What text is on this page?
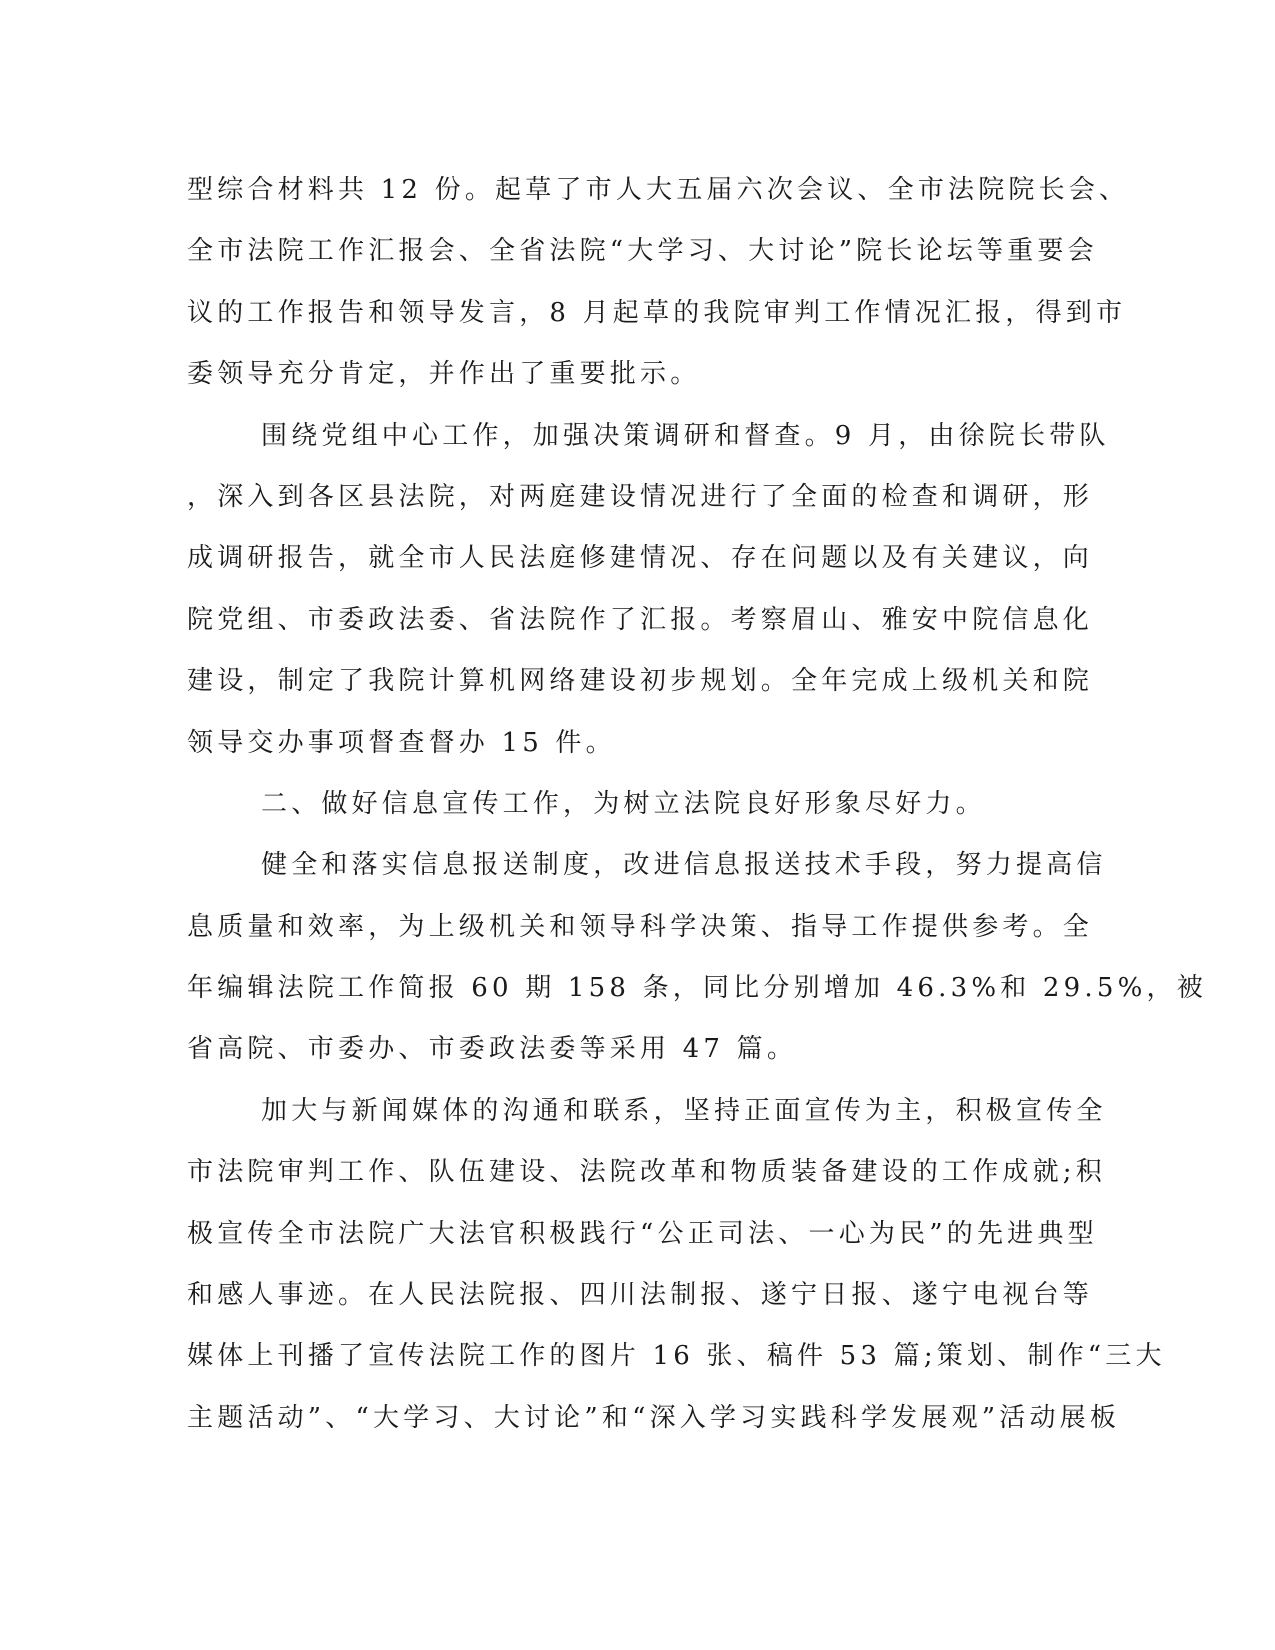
型综合材料共 12 份。起草了市人大五届六次会议、全市法院院长会、
全市法院工作汇报会、全省法院“大学习、大讨论”院长论坛等重要会
议的工作报告和领导发言，8 月起草的我院审判工作情况汇报，得到市
委领导充分肯定，并作出了重要批示。
围绕党组中心工作，加强决策调研和督查。9 月，由徐院长带队
，深入到各区县法院，对两庭建设情况进行了全面的检查和调研，形
成调研报告，就全市人民法庭修建情况、存在问题以及有关建议，向
院党组、市委政法委、省法院作了汇报。考察眉山、雅安中院信息化
建设，制定了我院计算机网络建设初步规划。全年完成上级机关和院
领导交办事项督查督办 15 件。
二、做好信息宣传工作，为树立法院良好形象尽好力。
健全和落实信息报送制度，改进信息报送技术手段，努力提高信
息质量和效率，为上级机关和领导科学决策、指导工作提供参考。全
年编辑法院工作简报 60 期 158 条，同比分别增加 46.3%和 29.5%，被
省高院、市委办、市委政法委等采用 47 篇。
加大与新闻媒体的沟通和联系，坚持正面宣传为主，积极宣传全
市法院审判工作、队伍建设、法院改革和物质装备建设的工作成就;积
极宣传全市法院广大法官积极践行“公正司法、一心为民”的先进典型
和感人事迹。在人民法院报、四川法制报、遂宁日报、遂宁电视台等
媒体上刊播了宣传法院工作的图片 16 张、稿件 53 篇;策划、制作“三大
主题活动”、“大学习、大讨论”和“深入学习实践科学发展观”活动展板
